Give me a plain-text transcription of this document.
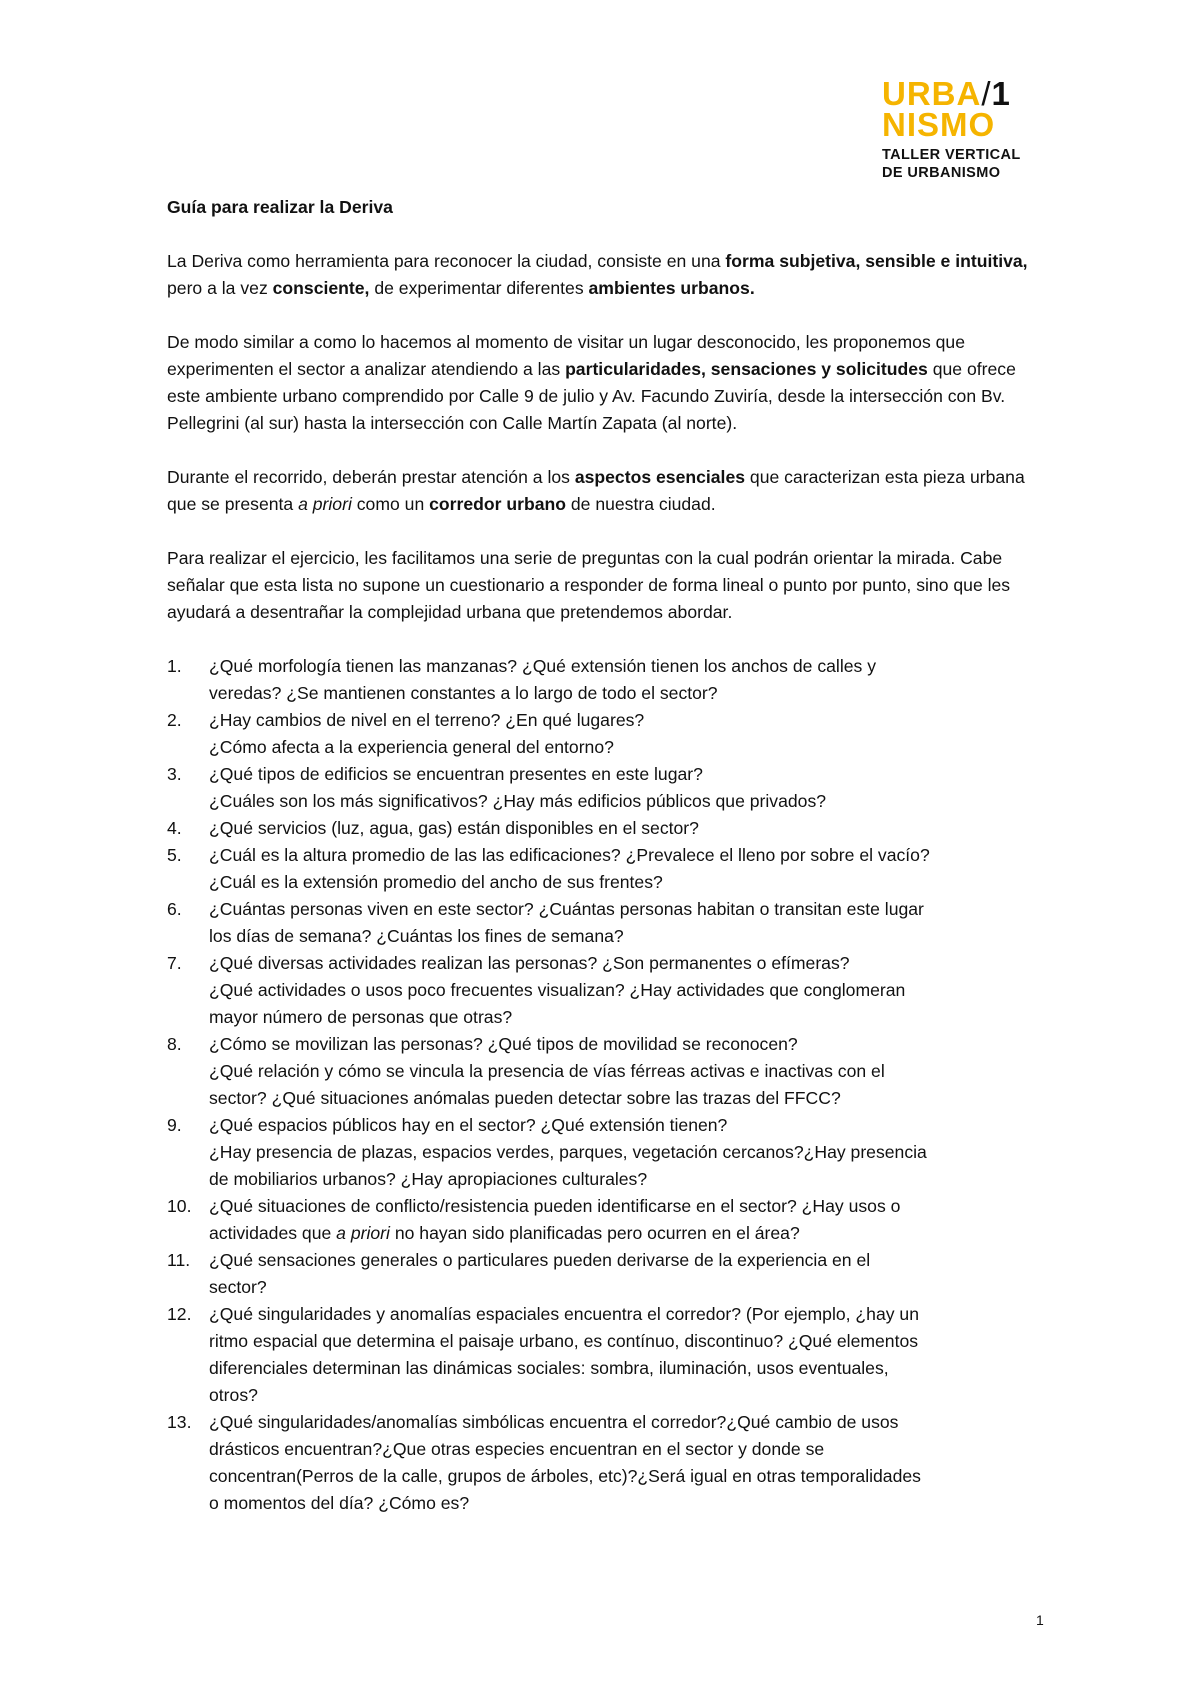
URBA/1
NISMO
TALLER VERTICAL
DE URBANISMO

Guía para realizar la Deriva

La Deriva como herramienta para reconocer la ciudad, consiste en una forma subjetiva, sensible e intuitiva, pero a la vez consciente, de experimentar diferentes ambientes urbanos.

De modo similar a como lo hacemos al momento de visitar un lugar desconocido, les proponemos que experimenten el sector a analizar atendiendo a las particularidades, sensaciones y solicitudes que ofrece este ambiente urbano comprendido por Calle 9 de julio y Av. Facundo Zuviría, desde la intersección con Bv. Pellegrini (al sur) hasta la intersección con Calle Martín Zapata (al norte).

Durante el recorrido, deberán prestar atención a los aspectos esenciales que caracterizan esta pieza urbana que se presenta a priori como un corredor urbano de nuestra ciudad.

Para realizar el ejercicio, les facilitamos una serie de preguntas con la cual podrán orientar la mirada. Cabe señalar que esta lista no supone un cuestionario a responder de forma lineal o punto por punto, sino que les ayudará a desentrañar la complejidad urbana que pretendemos abordar.

1. ¿Qué morfología tienen las manzanas? ¿Qué extensión tienen los anchos de calles y
veredas? ¿Se mantienen constantes a lo largo de todo el sector?
2. ¿Hay cambios de nivel en el terreno? ¿En qué lugares?
¿Cómo afecta a la experiencia general del entorno?
3. ¿Qué tipos de edificios se encuentran presentes en este lugar?
¿Cuáles son los más significativos? ¿Hay más edificios públicos que privados?
4. ¿Qué servicios (luz, agua, gas) están disponibles en el sector?
5. ¿Cuál es la altura promedio de las las edificaciones? ¿Prevalece el lleno por sobre el vacío?
¿Cuál es la extensión promedio del ancho de sus frentes?
6. ¿Cuántas personas viven en este sector? ¿Cuántas personas habitan o transitan este lugar
los días de semana? ¿Cuántas los fines de semana?
7. ¿Qué diversas actividades realizan las personas? ¿Son permanentes o efímeras?
¿Qué actividades o usos poco frecuentes visualizan? ¿Hay actividades que conglomeran
mayor número de personas que otras?
8. ¿Cómo se movilizan las personas? ¿Qué tipos de movilidad se reconocen?
¿Qué relación y cómo se vincula la presencia de vías férreas activas e inactivas con el
sector? ¿Qué situaciones anómalas pueden detectar sobre las trazas del FFCC?
9. ¿Qué espacios públicos hay en el sector? ¿Qué extensión tienen?
¿Hay presencia de plazas, espacios verdes, parques, vegetación cercanos?¿Hay presencia
de mobiliarios urbanos? ¿Hay apropiaciones culturales?
10. ¿Qué situaciones de conflicto/resistencia pueden identificarse en el sector? ¿Hay usos o
actividades que a priori no hayan sido planificadas pero ocurren en el área?
11. ¿Qué sensaciones generales o particulares pueden derivarse de la experiencia en el
sector?
12. ¿Qué singularidades y anomalías espaciales encuentra el corredor? (Por ejemplo, ¿hay un
ritmo espacial que determina el paisaje urbano, es contínuo, discontinuo? ¿Qué elementos
diferenciales determinan las dinámicas sociales: sombra, iluminación, usos eventuales,
otros?
13. ¿Qué singularidades/anomalías simbólicas encuentra el corredor?¿Qué cambio de usos
drásticos encuentran?¿Que otras especies encuentran en el sector y donde se
concentran(Perros de la calle, grupos de árboles, etc)?¿Será igual en otras temporalidades
o momentos del día? ¿Cómo es?
1
